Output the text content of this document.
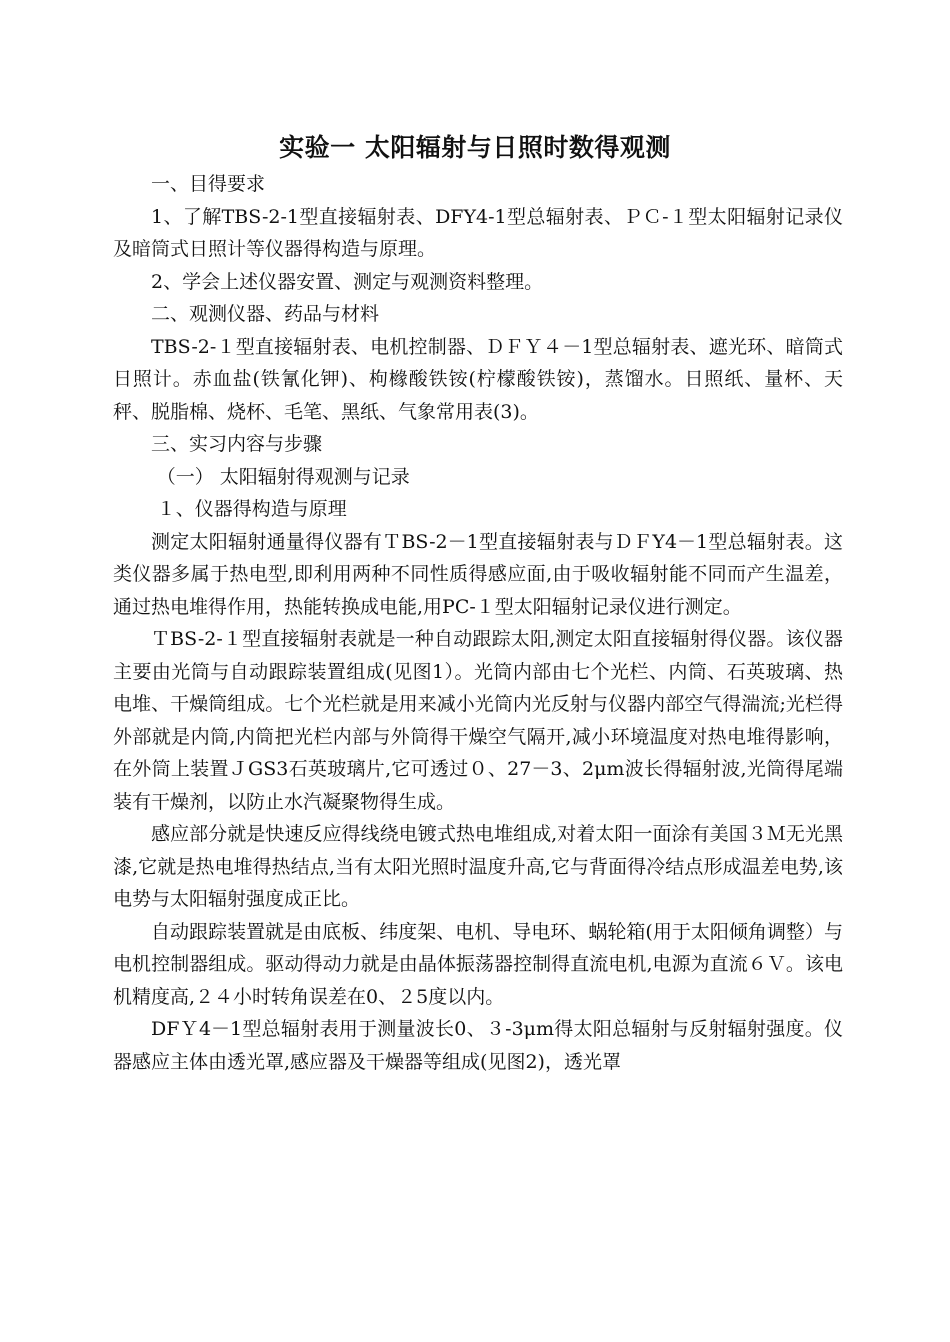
实验一 太阳辐射与日照时数得观测

一、目得要求

1、了解TBS-2-1型直接辐射表、DFY4-1型总辐射表、ＰＣ-１型太阳辐射记录仪及暗筒式日照计等仪器得构造与原理。

2、学会上述仪器安置、测定与观测资料整理。

二、观测仪器、药品与材料

TBS-2-１型直接辐射表、电机控制器、ＤＦＹ４－1型总辐射表、遮光环、暗筒式日照计。赤血盐(铁氰化钾)、枸橼酸铁铵(柠檬酸铁铵)，蒸馏水。日照纸、量杯、天秤、脱脂棉、烧杯、毛笔、黑纸、气象常用表(3)。

三、实习内容与步骤

（一） 太阳辐射得观测与记录

１、仪器得构造与原理

测定太阳辐射通量得仪器有ＴBS-2－1型直接辐射表与ＤＦY4－1型总辐射表。这类仪器多属于热电型,即利用两种不同性质得感应面,由于吸收辐射能不同而产生温差，通过热电堆得作用，热能转换成电能,用PC-１型太阳辐射记录仪进行测定。

ＴBS-2-１型直接辐射表就是一种自动跟踪太阳,测定太阳直接辐射得仪器。该仪器主要由光筒与自动跟踪装置组成(见图1）。光筒内部由七个光栏、内筒、石英玻璃、热电堆、干燥筒组成。七个光栏就是用来减小光筒内光反射与仪器内部空气得湍流;光栏得外部就是内筒,内筒把光栏内部与外筒得干燥空气隔开,减小环境温度对热电堆得影响，在外筒上装置ＪGS3石英玻璃片,它可透过０、27－3、2μm波长得辐射波,光筒得尾端装有干燥剂，以防止水汽凝聚物得生成。

感应部分就是快速反应得线绕电镀式热电堆组成,对着太阳一面涂有美国３Ｍ无光黑漆,它就是热电堆得热结点,当有太阳光照时温度升高,它与背面得冷结点形成温差电势,该电势与太阳辐射强度成正比。

自动跟踪装置就是由底板、纬度架、电机、导电环、蜗轮箱(用于太阳倾角调整）与电机控制器组成。驱动得动力就是由晶体振荡器控制得直流电机,电源为直流６Ｖ。该电机精度高,２４小时转角误差在0、２5度以内。

DFＹ4－1型总辐射表用于测量波长0、３-3μm得太阳总辐射与反射辐射强度。仪器感应主体由透光罩,感应器及干燥器等组成(见图2)，透光罩
